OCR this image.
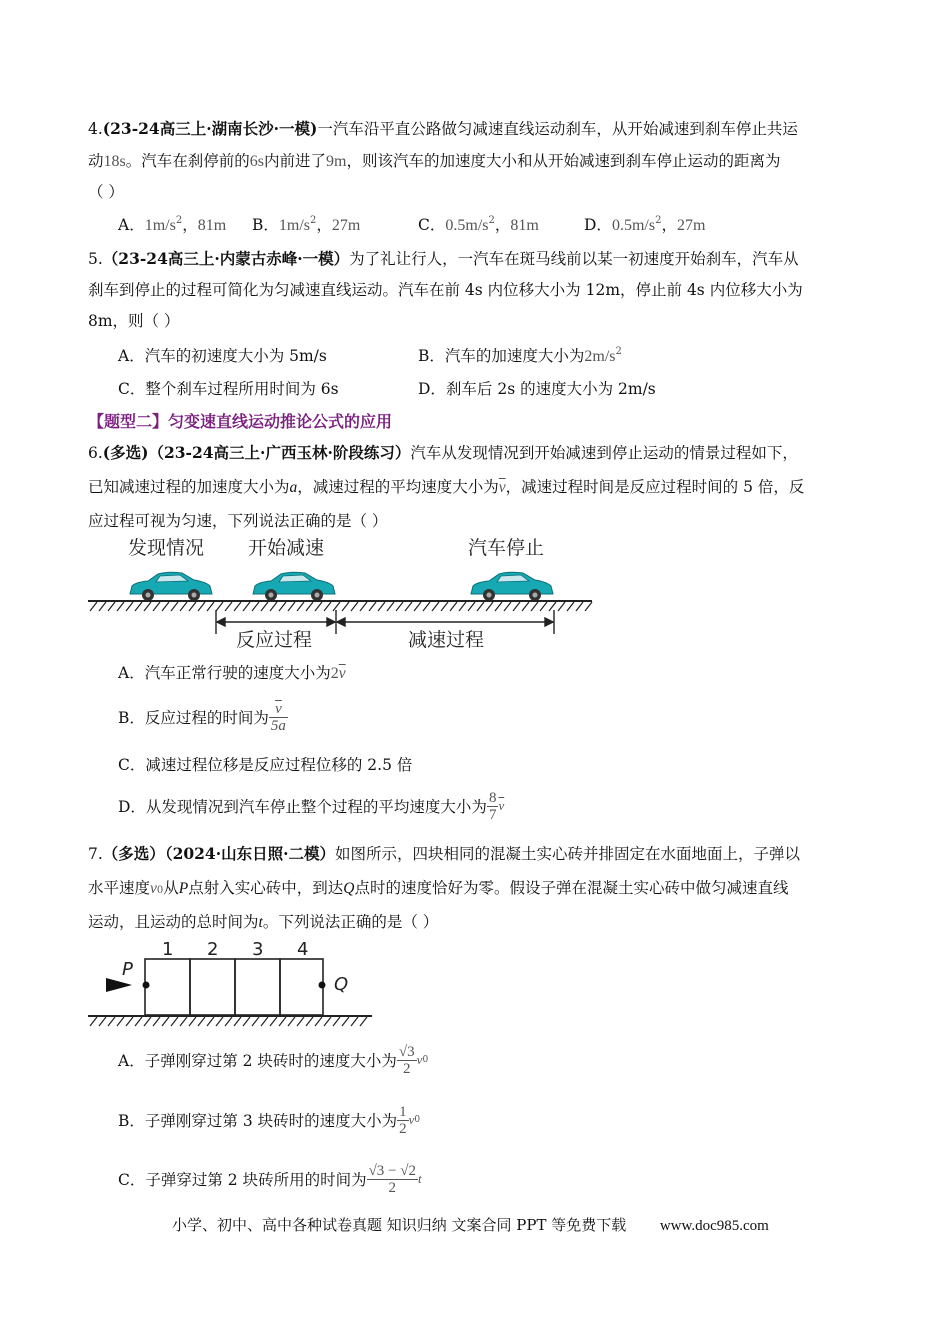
4.(23-24高三上·湖南长沙·一模)一汽车沿平直公路做匀减速直线运动刹车，从开始减速到刹车停止共运
动18s。汽车在刹停前的6s内前进了9m，则该汽车的加速度大小和从开始减速到刹车停止运动的距离为
（ ）
A．$1m/s^2$，81m B．$1m/s^2$，27m	C．$0.5m/s^2$，81m	D．$0.5m/s^2$，27m
5.（23-24高三上·内蒙古赤峰·一模）为了礼让行人，一汽车在斑马线前以某一初速度开始刹车，汽车从
刹车到停止的过程可简化为匀减速直线运动。汽车在前 4s 内位移大小为 12m，停止前 4s 内位移大小为
8m，则（ ）
A．汽车的初速度大小为 5m/s	B．汽车的加速度大小为$2m/s^2$
C．整个刹车过程所用时间为 6s	D．刹车后 2s 的速度大小为 2m/s
【题型二】匀变速直线运动推论公式的应用
6.(多选)（23-24高三上·广西玉林·阶段练习）汽车从发现情况到开始减速到停止运动的情景过程如下，
已知减速过程的加速度大小为a，减速过程的平均速度大小为$\overline{v}$，减速过程时间是反应过程时间的 5 倍，反
应过程可视为匀速，下列说法正确的是（ ）
发现情况 开始减速	汽车停止
反应过程	减速过程
A．汽车正常行驶的速度大小为$2\overline{v}$
B．反应过程的时间为 $\frac{\overline{v}}{5a}$
C．减速过程位移是反应过程位移的 2.5 倍
D．从发现情况到汽车停止整个过程的平均速度大小为 $\frac{8}{7} \overline{v}$
7.（多选）（2024·山东日照·二模）如图所示，四块相同的混凝土实心砖并排固定在水面地面上，子弹以
水平速度v0从P点射入实心砖中，到达Q点时的速度恰好为零。假设子弹在混凝土实心砖中做匀减速直线
运动，且运动的总时间为t。下列说法正确的是（ ）
1 2 3 4
P
Q
A．子弹刚穿过第 2 块砖时的速度大小为 $\frac{√3}{2}$ v 0
B．子弹刚穿过第 3 块砖时的速度大小为 $\frac{1}{2}$ v 0
C．子弹穿过第 2 块砖所用的时间为 $\frac{√3 - √2}{2}$ t
小学、初中、高中各种试卷真题 知识归纳 文案合同 PPT 等免费下载 www.doc985.com
